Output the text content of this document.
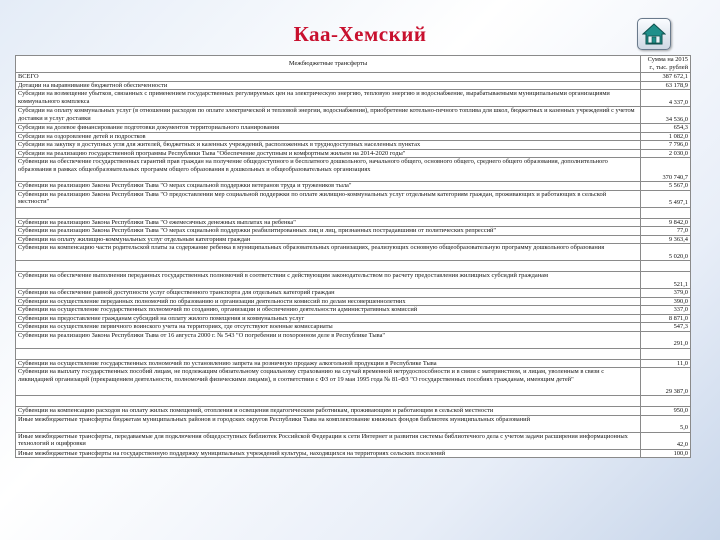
Каа-Хемский
Межбюджетные трансферты	Сумма на 2015 г., тыс. рублей
ВСЕГО	387 672,1
Дотации на выравнивание бюджетной обеспеченности	63 178,9
Субсидии на возмещение убытков, связанных с применением государственных регулируемых цен на электрическую энергию, тепловую энергию и водоснабжение, вырабатываемыми муниципальными организациями коммунального комплекса	4 337,0
Субсидии на оплату коммунальных услуг (в отношении расходов по оплате электрической и тепловой энергии, водоснабжения), приобретение котельно-печного топлива для школ, бюджетных и казенных учреждений с учетом доставки и услуг доставки	34 536,0
Субсидии на долевое финансирование подготовки документов территориального планирования	654,3
Субсидии на оздоровление детей и подростков	1 082,0
Субсидии на закупку в доступных угля для жителей, бюджетных и казенных учреждений, расположенных в труднодоступных населенных пунктах	7 796,0
Субсидии на реализацию государственной программы Республики Тыва "Обеспечение доступным и комфортным жильем на 2014-2020 годы"	2 030,0
Субвенции на обеспечение государственных гарантий прав граждан на получение общедоступного и бесплатного дошкольного, начального общего, основного общего, среднего общего образования, дополнительного образования в рамках общеобразовательных программ общего образования в дошкольных и общеобразовательных организациях	370 740,7
Субвенции на реализацию Закона Республики Тыва "О мерах социальной поддержки ветеранов труда и тружеников тыла"	5 567,0
Субвенции на реализацию Закона Республики Тыва "О предоставлении мер социальной поддержки по оплате жилищно-коммунальных услуг отдельным категориям граждан, проживающих и работающих в сельской местности"	5 497,1

Субвенции на реализацию Закона Республики Тыва "О ежемесячных денежных выплатах на ребенка"	9 842,0
Субвенции на реализацию Закона Республики Тыва "О мерах социальной поддержки реабилитированных лиц и лиц, признанных пострадавшими от политических репрессий"	77,0
Субвенции на оплату жилищно-коммунальных услуг отдельным категориям граждан	9 363,4
Субвенции на компенсацию части родительской платы за содержание ребенка в муниципальных образовательных организациях, реализующих основную общеобразовательную программу дошкольного образования	5 020,0

Субвенции на обеспечение выполнения переданных государственных полномочий в соответствии с действующим законодательством по расчету предоставления жилищных субсидий гражданам	521,1
Субвенции на обеспечение равной доступности услуг общественного транспорта для отдельных категорий граждан	379,0
Субвенции на осуществление переданных полномочий по образованию и организации деятельности комиссий по делам несовершеннолетних	390,0
Субвенции на осуществление государственных полномочий по созданию, организации и обеспечению деятельности административных комиссий	337,0
Субвенции на предоставление гражданам субсидий на оплату жилого помещения и коммунальных услуг	8 871,0
Субвенции на осуществление первичного воинского учета на территориях, где отсутствуют военные комиссариаты	547,3
Субвенции на реализацию Закона Республики Тыва от 16 августа 2000 г. № 543 "О погребении и похоронном деле в Республике Тыва"	291,0

Субвенции на осуществление государственных полномочий по установлению запрета на розничную продажу алкогольной продукции в Республике Тыва	11,0
Субвенции на выплату государственных пособий лицам, не подлежащим обязательному социальному страхованию на случай временной нетрудоспособности и в связи с материнством, и лицам, уволенным в связи с ликвидацией организаций (прекращением деятельности, полномочий физическими лицами), в соответствии с ФЗ от 19 мая 1995 года № 81-ФЗ "О государственных пособиях гражданам, имеющим детей"	29 387,0

Субвенции на компенсацию расходов на оплату жилых помещений, отопления и освещения педагогическим работникам, проживающим и работающим в сельской местности	950,0
Иные межбюджетные трансферты бюджетам муниципальных районов и городских округов Республики Тыва на комплектование книжных фондов библиотек муниципальных образований	5,0
Иные межбюджетные трансферты, передаваемые для подключения общедоступных библиотек Российской Федерации к сети Интернет и развития системы библиотечного дела с учетом задачи расширения информационных технологий и оцифровки	42,0
Иные межбюджетные трансферты на государственную поддержку муниципальных учреждений культуры, находящихся на территориях сельских поселений	100,0
